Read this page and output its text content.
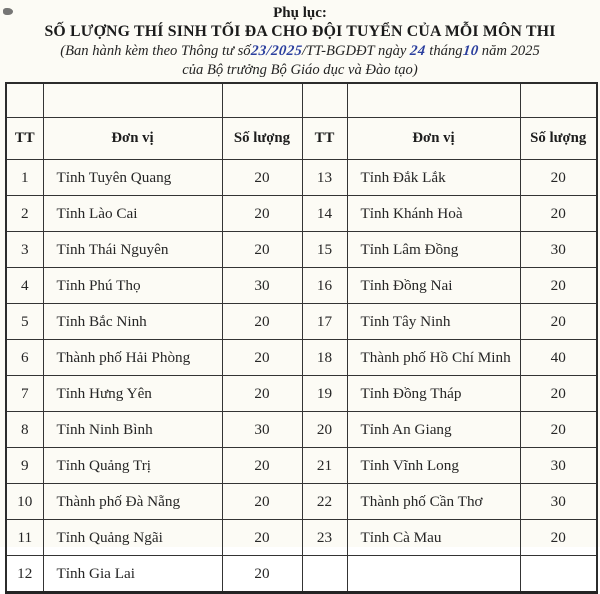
Phụ lục:
SỐ LƯỢNG THÍ SINH TỐI ĐA CHO ĐỘI TUYỂN CỦA MỖI MÔN THI
(Ban hành kèm theo Thông tư số23/2025/TT-BGDĐT ngày 24 tháng10 năm 2025
của Bộ trưởng Bộ Giáo dục và Đào tạo)

TT	Đơn vị	Số lượng	TT	Đơn vị	Số lượng
1	Tỉnh Tuyên Quang	20	13	Tỉnh Đắk Lắk	20
2	Tỉnh Lào Cai	20	14	Tỉnh Khánh Hoà	20
3	Tỉnh Thái Nguyên	20	15	Tỉnh Lâm Đồng	30
4	Tỉnh Phú Thọ	30	16	Tỉnh Đồng Nai	20
5	Tỉnh Bắc Ninh	20	17	Tỉnh Tây Ninh	20
6	Thành phố Hải Phòng	20	18	Thành phố Hồ Chí Minh	40
7	Tỉnh Hưng Yên	20	19	Tỉnh Đồng Tháp	20
8	Tỉnh Ninh Bình	30	20	Tỉnh An Giang	20
9	Tỉnh Quảng Trị	20	21	Tỉnh Vĩnh Long	30
10	Thành phố Đà Nẵng	20	22	Thành phố Cần Thơ	30
11	Tỉnh Quảng Ngãi	20	23	Tỉnh Cà Mau	20
12	Tỉnh Gia Lai	20			
